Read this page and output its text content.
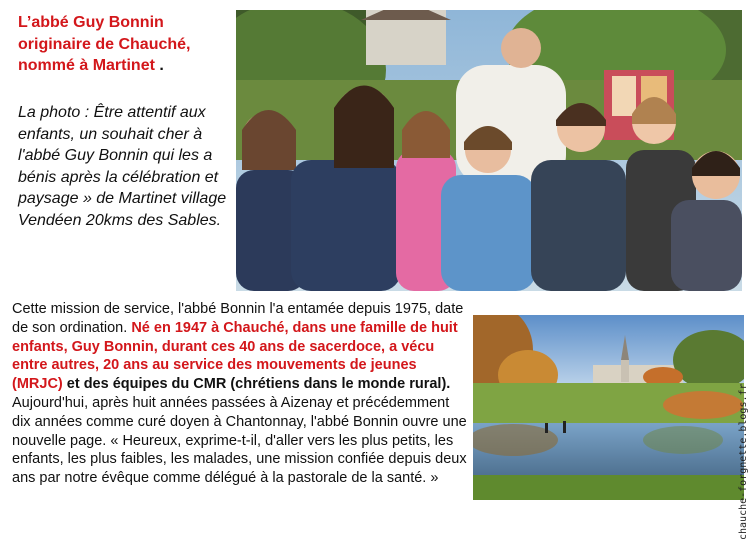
L’abbé Guy Bonnin originaire de Chauché, nommé à Martinet .
La photo : Être attentif aux enfants, un souhait cher à l'abbé Guy Bonnin qui les a bénis après la célébration et paysage » de Martinet village Vendéen 20kms des Sables.
Cette mission de service, l'abbé Bonnin l'a entamée depuis 1975, date de son ordination. Né en 1947 à Chauché, dans une famille de huit enfants, Guy Bonnin, durant ces 40 ans de sacerdoce, a vécu entre autres, 20 ans au service des mouvements de jeunes (MRJC) et des équipes du CMR (chrétiens dans le monde rural).
Aujourd'hui, après huit années passées à Aizenay et précédemment dix années comme curé doyen à Chantonnay, l'abbé Bonnin ouvre une nouvelle page. « Heureux, exprime-t-il, d'aller vers les plus petits, les enfants, les plus faibles, les malades, une mission confiée depuis deux ans par notre évêque comme délégué à la pastorale de la santé. »	chauche-forgnette.blogs.fr
